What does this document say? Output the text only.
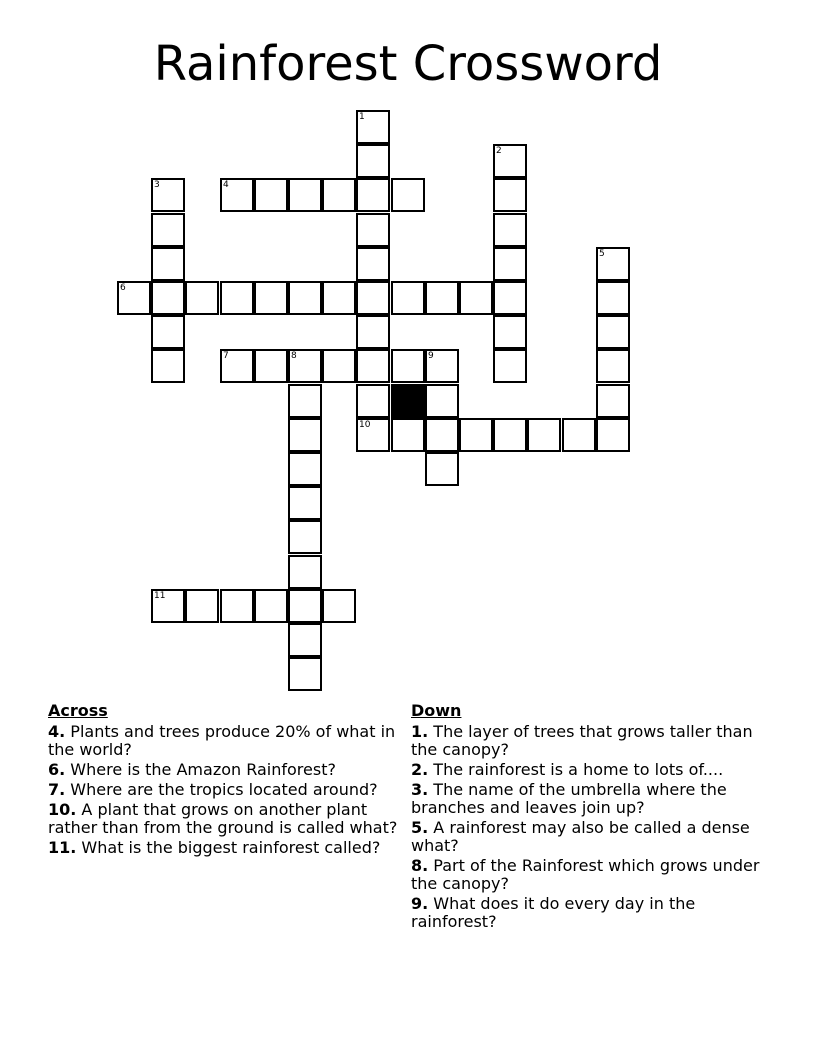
Rainforest Crossword
1
2
3	4
5
6
7	8	9
10
11
Across
4. Plants and trees produce 20% of what in the world?
6. Where is the Amazon Rainforest?
7. Where are the tropics located around?
10. A plant that grows on another plant rather than from the ground is called what?
11. What is the biggest rainforest called?
Down
1. The layer of trees that grows taller than the canopy?
2. The rainforest is a home to lots of....
3. The name of the umbrella where the branches and leaves join up?
5. A rainforest may also be called a dense what?
8. Part of the Rainforest which grows under the canopy?
9. What does it do every day in the rainforest?
